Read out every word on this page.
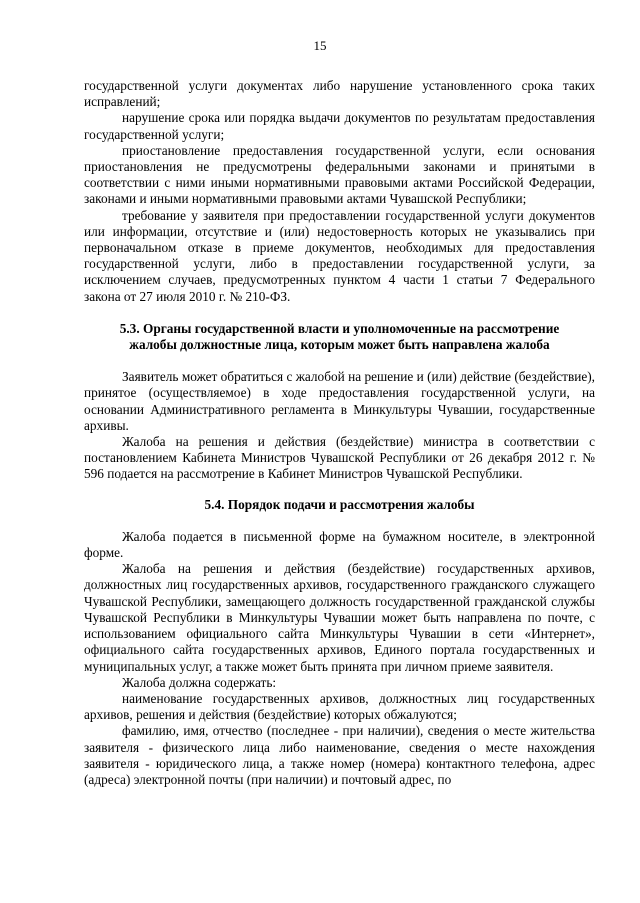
15

государственной услуги документах либо нарушение установленного срока таких исправлений;

нарушение срока или порядка выдачи документов по результатам предоставления государственной услуги;

приостановление предоставления государственной услуги, если основания приостановления не предусмотрены федеральными законами и принятыми в соответствии с ними иными нормативными правовыми актами Российской Федерации, законами и иными нормативными правовыми актами Чувашской Республики;

требование у заявителя при предоставлении государственной услуги документов или информации, отсутствие и (или) недостоверность которых не указывались при первоначальном отказе в приеме документов, необходимых для предоставления государственной услуги, либо в предоставлении государственной услуги, за исключением случаев, предусмотренных пунктом 4 части 1 статьи 7 Федерального закона от 27 июля 2010 г. № 210-ФЗ.

5.3. Органы государственной власти и уполномоченные на рассмотрение
жалобы должностные лица, которым может быть направлена жалоба

Заявитель может обратиться с жалобой на решение и (или) действие (бездействие), принятое (осуществляемое) в ходе предоставления государственной услуги, на основании Административного регламента в Минкультуры Чувашии, государственные архивы.

Жалоба на решения и действия (бездействие) министра в соответствии с постановлением Кабинета Министров Чувашской Республики от 26 декабря 2012 г. № 596 подается на рассмотрение в Кабинет Министров Чувашской Республики.

5.4. Порядок подачи и рассмотрения жалобы

Жалоба подается в письменной форме на бумажном носителе, в электронной форме.

Жалоба на решения и действия (бездействие) государственных архивов, должностных лиц государственных архивов, государственного гражданского служащего Чувашской Республики, замещающего должность государственной гражданской службы Чувашской Республики в Минкультуры Чувашии может быть направлена по почте, с использованием официального сайта Минкультуры Чувашии в сети «Интернет», официального сайта государственных архивов, Единого портала государственных и муниципальных услуг, а также может быть принята при личном приеме заявителя.

Жалоба должна содержать:

наименование государственных архивов, должностных лиц государственных архивов, решения и действия (бездействие) которых обжалуются;

фамилию, имя, отчество (последнее - при наличии), сведения о месте жительства заявителя - физического лица либо наименование, сведения о месте нахождения заявителя - юридического лица, а также номер (номера) контактного телефона, адрес (адреса) электронной почты (при наличии) и почтовый адрес, по
